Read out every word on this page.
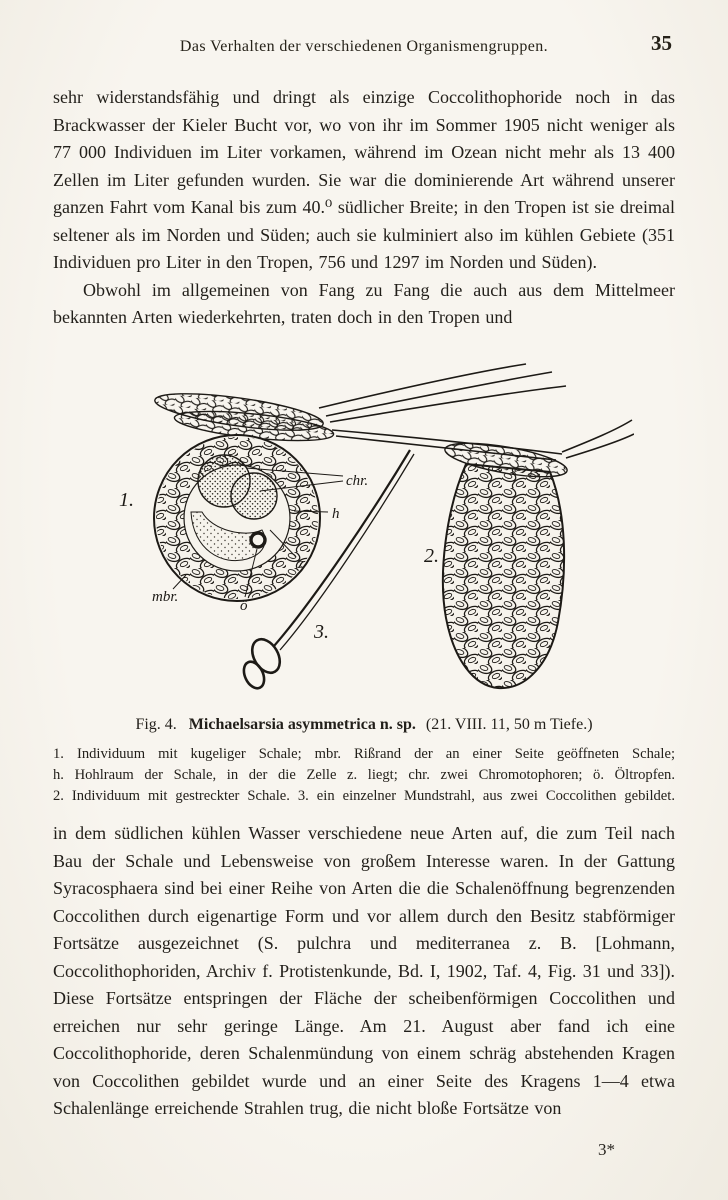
Das Verhalten der verschiedenen Organismengruppen.	35

sehr widerstandsfähig und dringt als einzige Coccolithophoride noch in das Brackwasser der Kieler Bucht vor, wo von ihr im Sommer 1905 nicht weniger als 77 000 Individuen im Liter vorkamen, während im Ozean nicht mehr als 13 400 Zellen im Liter gefunden wurden. Sie war die dominierende Art während unserer ganzen Fahrt vom Kanal bis zum 40.⁰ südlicher Breite; in den Tropen ist sie dreimal seltener als im Norden und Süden; auch sie kulminiert also im kühlen Gebiete (351 Individuen pro Liter in den Tropen, 756 und 1297 im Norden und Süden).

Obwohl im allgemeinen von Fang zu Fang die auch aus dem Mittelmeer bekannten Arten wiederkehrten, traten doch in den Tropen und

1.
2.
3.
chr.
h
z
mbr.
ö
Fig. 4. Michaelsarsia asymmetrica n. sp. (21. VIII. 11, 50 m Tiefe.)
1. Individuum mit kugeliger Schale; mbr. Rißrand der an einer Seite geöffneten Schale;
h. Hohlraum der Schale, in der die Zelle z. liegt; chr. zwei Chromotophoren; ö. Öltropfen.
2. Individuum mit gestreckter Schale. 3. ein einzelner Mundstrahl, aus zwei Coccolithen gebildet.

in dem südlichen kühlen Wasser verschiedene neue Arten auf, die zum Teil nach Bau der Schale und Lebensweise von großem Interesse waren. In der Gattung Syracosphaera sind bei einer Reihe von Arten die die Schalenöffnung begrenzenden Coccolithen durch eigenartige Form und vor allem durch den Besitz stabförmiger Fortsätze ausgezeichnet (S. pulchra und mediterranea z. B. [Lohmann, Coccolithophoriden, Archiv f. Protistenkunde, Bd. I, 1902, Taf. 4, Fig. 31 und 33]). Diese Fortsätze entspringen der Fläche der scheibenförmigen Coccolithen und erreichen nur sehr geringe Länge. Am 21. August aber fand ich eine Coccolithophoride, deren Schalenmündung von einem schräg abstehenden Kragen von Coccolithen gebildet wurde und an einer Seite des Kragens 1—4 etwa Schalenlänge erreichende Strahlen trug, die nicht bloße Fortsätze von

3*
